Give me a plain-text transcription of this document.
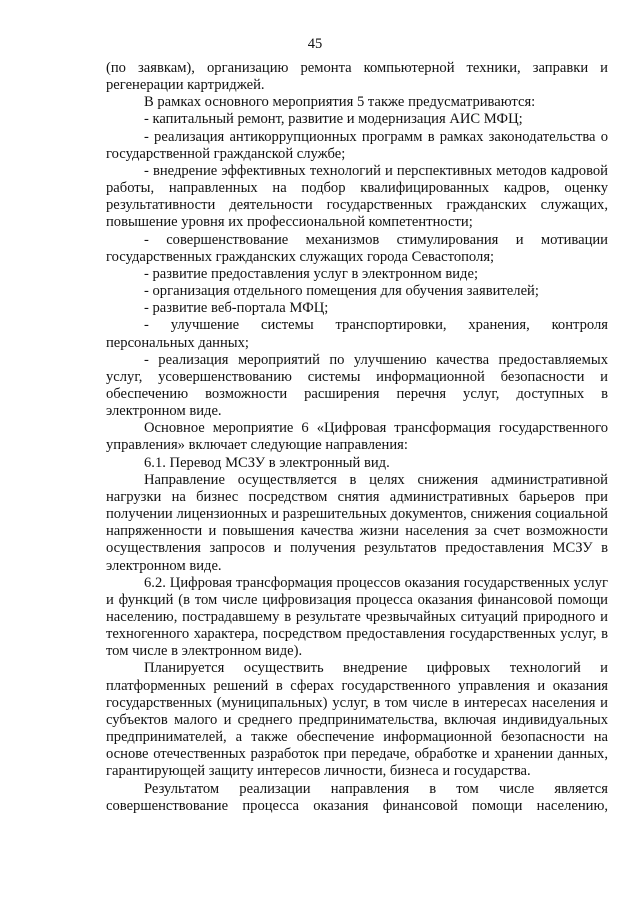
45

(по заявкам), организацию ремонта компьютерной техники, заправки и регенерации картриджей.

В рамках основного мероприятия 5 также предусматриваются:

- капитальный ремонт, развитие и модернизация АИС МФЦ;

- реализация антикоррупционных программ в рамках законодательства о государственной гражданской службе;

- внедрение эффективных технологий и перспективных методов кадровой работы, направленных на подбор квалифицированных кадров, оценку результативности деятельности государственных гражданских служащих, повышение уровня их профессиональной компетентности;

- совершенствование механизмов стимулирования и мотивации государственных гражданских служащих города Севастополя;

- развитие предоставления услуг в электронном виде;

- организация отдельного помещения для обучения заявителей;

- развитие веб-портала МФЦ;

- улучшение системы транспортировки, хранения, контроля персональных данных;

- реализация мероприятий по улучшению качества предоставляемых услуг, усовершенствованию системы информационной безопасности и обеспечению возможности расширения перечня услуг, доступных в электронном виде.

Основное мероприятие 6 «Цифровая трансформация государственного управления» включает следующие направления:

6.1. Перевод МСЗУ в электронный вид.

Направление осуществляется в целях снижения административной нагрузки на бизнес посредством снятия административных барьеров при получении лицензионных и разрешительных документов, снижения социальной напряженности и повышения качества жизни населения за счет возможности осуществления запросов и получения результатов предоставления МСЗУ в электронном виде.

6.2. Цифровая трансформация процессов оказания государственных услуг и функций (в том числе цифровизация процесса оказания финансовой помощи населению, пострадавшему в результате чрезвычайных ситуаций природного и техногенного характера, посредством предоставления государственных услуг, в том числе в электронном виде).

Планируется осуществить внедрение цифровых технологий и платформенных решений в сферах государственного управления и оказания государственных (муниципальных) услуг, в том числе в интересах населения и субъектов малого и среднего предпринимательства, включая индивидуальных предпринимателей, а также обеспечение информационной безопасности на основе отечественных разработок при передаче, обработке и хранении данных, гарантирующей защиту интересов личности, бизнеса и государства.

Результатом реализации направления в том числе является совершенствование процесса оказания финансовой помощи населению,
